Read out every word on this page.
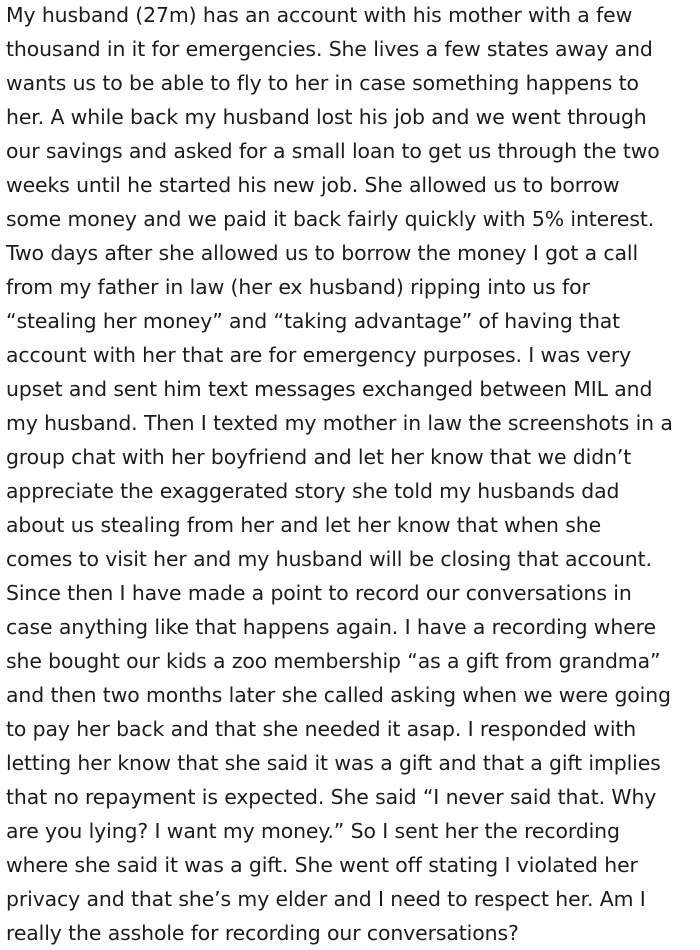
My husband (27m) has an account with his mother with a few
thousand in it for emergencies. She lives a few states away and
wants us to be able to fly to her in case something happens to
her. A while back my husband lost his job and we went through
our savings and asked for a small loan to get us through the two
weeks until he started his new job. She allowed us to borrow
some money and we paid it back fairly quickly with 5% interest.
Two days after she allowed us to borrow the money I got a call
from my father in law (her ex husband) ripping into us for
“stealing her money” and “taking advantage” of having that
account with her that are for emergency purposes. I was very
upset and sent him text messages exchanged between MIL and
my husband. Then I texted my mother in law the screenshots in a
group chat with her boyfriend and let her know that we didn’t
appreciate the exaggerated story she told my husbands dad
about us stealing from her and let her know that when she
comes to visit her and my husband will be closing that account.
Since then I have made a point to record our conversations in
case anything like that happens again. I have a recording where
she bought our kids a zoo membership “as a gift from grandma”
and then two months later she called asking when we were going
to pay her back and that she needed it asap. I responded with
letting her know that she said it was a gift and that a gift implies
that no repayment is expected. She said “I never said that. Why
are you lying? I want my money.” So I sent her the recording
where she said it was a gift. She went off stating I violated her
privacy and that she’s my elder and I need to respect her. Am I
really the asshole for recording our conversations?
